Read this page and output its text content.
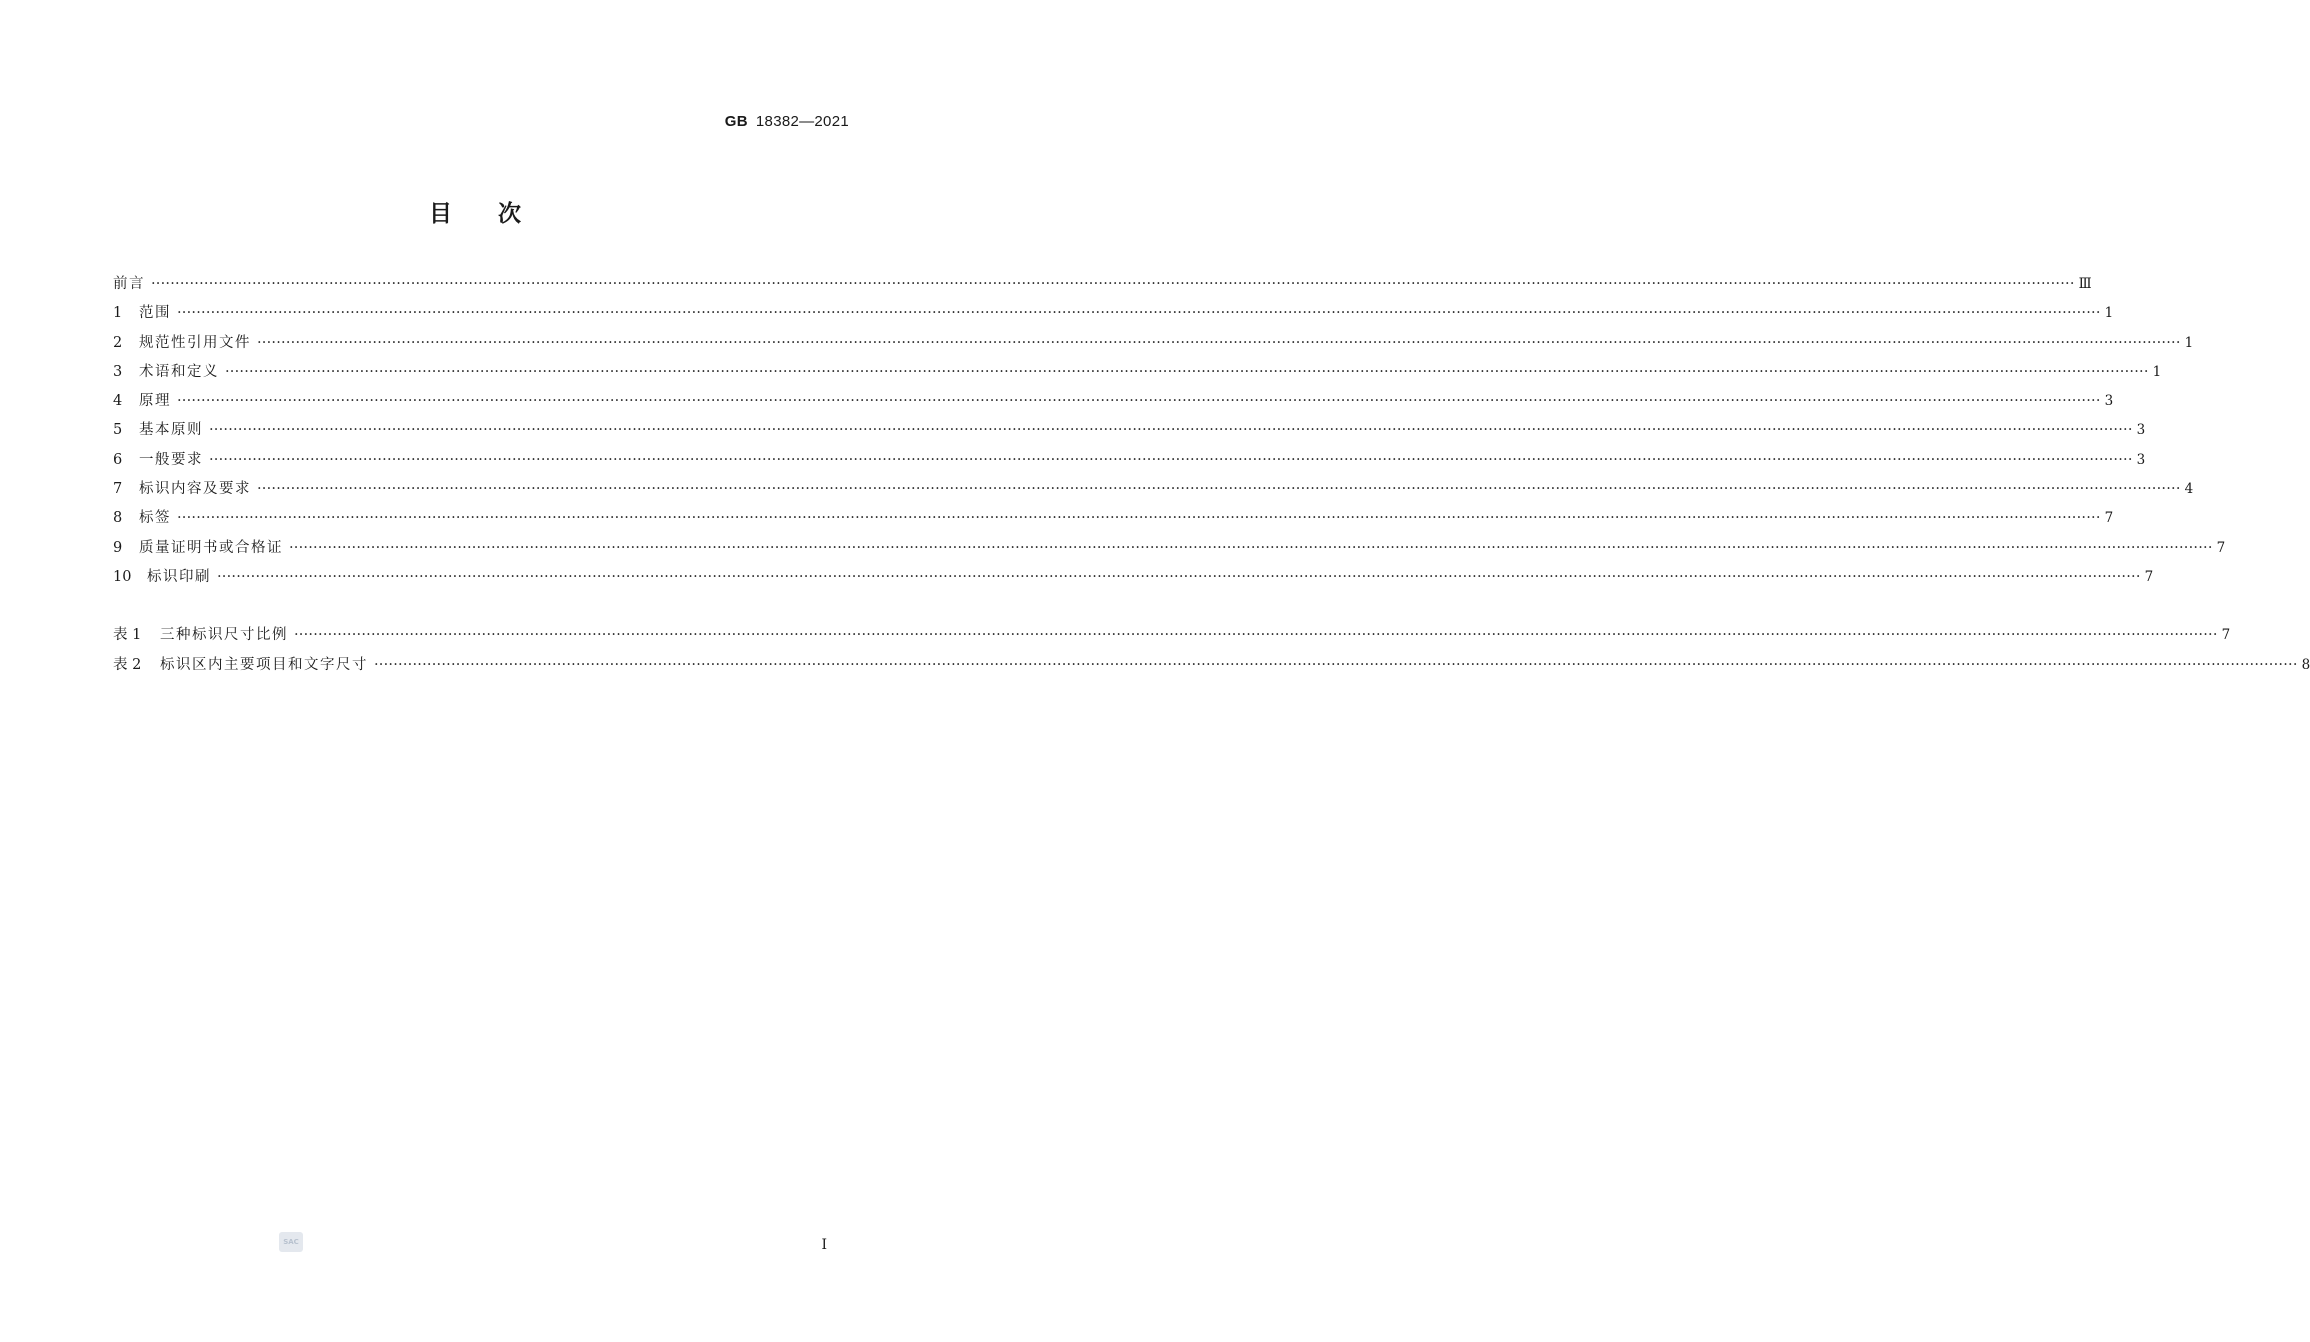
GB 18382—2021
目次
前言 ················································································································································································································································································································································································································ Ⅲ
1	范围 ················································································································································································································································································································································································································ 1
2	规范性引用文件 ················································································································································································································································································································································································································ 1
3	术语和定义 ················································································································································································································································································································································································································ 1
4	原理 ················································································································································································································································································································································································································ 3
5	基本原则 ················································································································································································································································································································································································································ 3
6	一般要求 ················································································································································································································································································································································································································ 3
7	标识内容及要求 ················································································································································································································································································································································································································ 4
8	标签 ················································································································································································································································································································································································································ 7
9	质量证明书或合格证 ················································································································································································································································································································································································································ 7
10	标识印刷 ················································································································································································································································································································································································································ 7
表 1	三种标识尺寸比例 ················································································································································································································································································································································································································ 7
表 2	标识区内主要项目和文字尺寸 ················································································································································································································································································································································································································ 8
SAC	I
